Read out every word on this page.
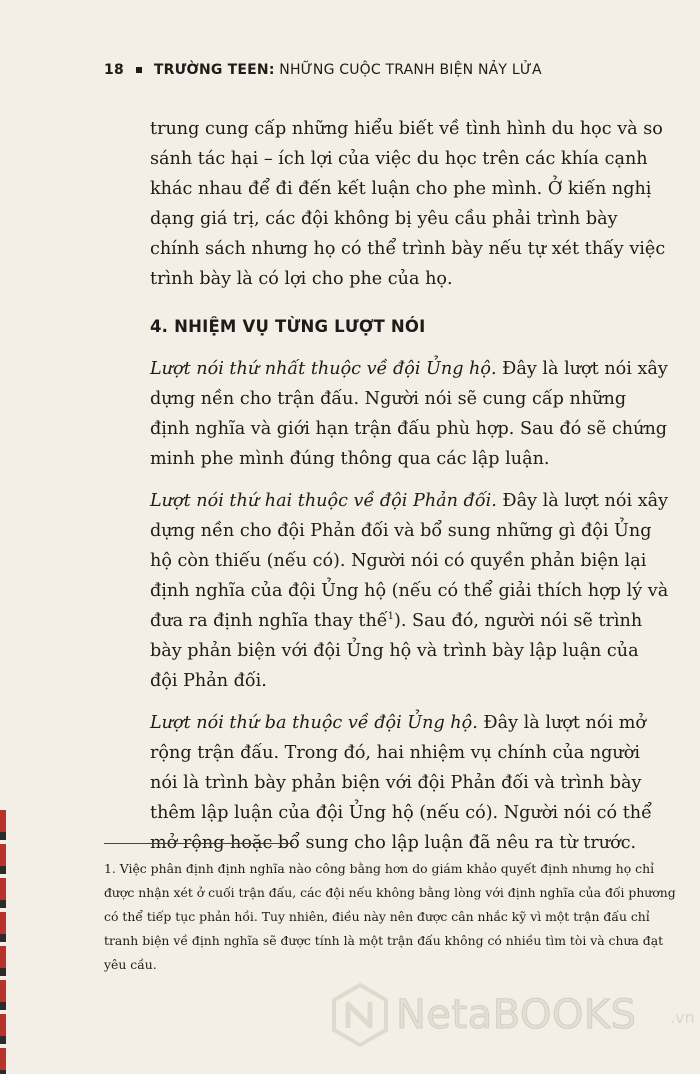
18 TRƯỜNG TEEN: NHỮNG CUỘC TRANH BIỆN NẢY LỬA

trung cung cấp những hiểu biết về tình hình du học và so sánh tác hại – ích lợi của việc du học trên các khía cạnh khác nhau để đi đến kết luận cho phe mình. Ở kiến nghị dạng giá trị, các đội không bị yêu cầu phải trình bày chính sách nhưng họ có thể trình bày nếu tự xét thấy việc trình bày là có lợi cho phe của họ.

4. NHIỆM VỤ TỪNG LƯỢT NÓI

Lượt nói thứ nhất thuộc về đội Ủng hộ. Đây là lượt nói xây dựng nền cho trận đấu. Người nói sẽ cung cấp những định nghĩa và giới hạn trận đấu phù hợp. Sau đó sẽ chứng minh phe mình đúng thông qua các lập luận.

Lượt nói thứ hai thuộc về đội Phản đối. Đây là lượt nói xây dựng nền cho đội Phản đối và bổ sung những gì đội Ủng hộ còn thiếu (nếu có). Người nói có quyền phản biện lại định nghĩa của đội Ủng hộ (nếu có thể giải thích hợp lý và đưa ra định nghĩa thay thế$^1$). Sau đó, người nói sẽ trình bày phản biện với đội Ủng hộ và trình bày lập luận của đội Phản đối.

Lượt nói thứ ba thuộc về đội Ủng hộ. Đây là lượt nói mở rộng trận đấu. Trong đó, hai nhiệm vụ chính của người nói là trình bày phản biện với đội Phản đối và trình bày thêm lập luận của đội Ủng hộ (nếu có). Người nói có thể mở rộng hoặc bổ sung cho lập luận đã nêu ra từ trước.

1. Việc phân định định nghĩa nào công bằng hơn do giám khảo quyết định nhưng họ chỉ được nhận xét ở cuối trận đấu, các đội nếu không bằng lòng với định nghĩa của đối phương có thể tiếp tục phản hồi. Tuy nhiên, điều này nên được cân nhắc kỹ vì một trận đấu chỉ tranh biện về định nghĩa sẽ được tính là một trận đấu không có nhiều tìm tòi và chưa đạt yêu cầu.

NetaBOOKS .vn
